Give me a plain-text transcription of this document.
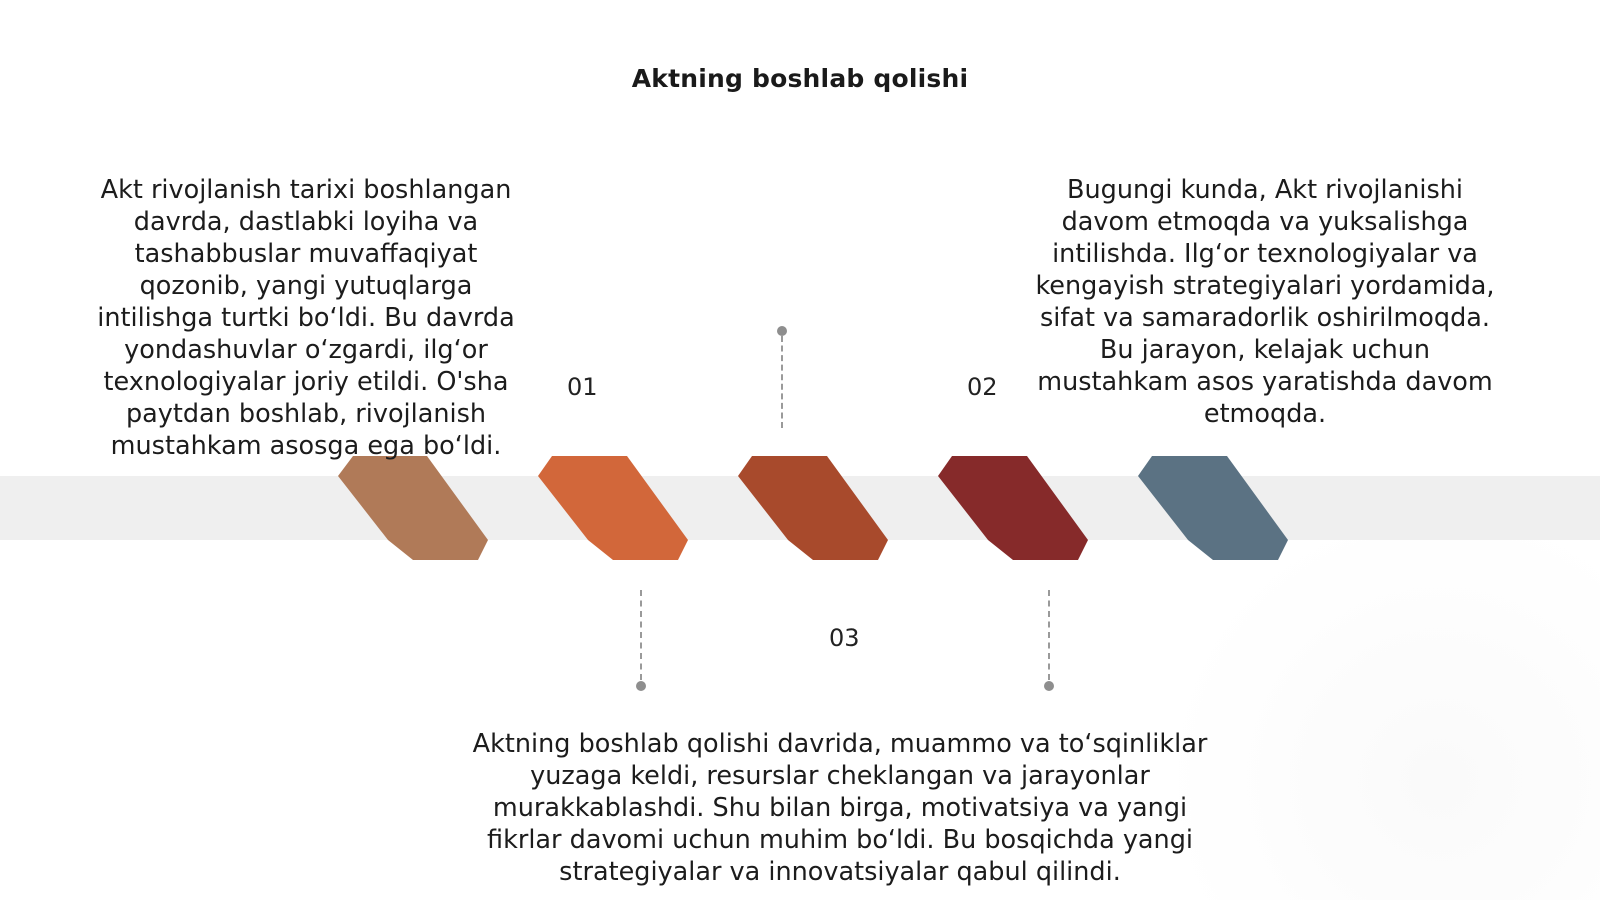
Aktning boshlab qolishi
01	02
03
Akt rivojlanish tarixi boshlangan davrda, dastlabki loyiha va tashabbuslar muvaffaqiyat qozonib, yangi yutuqlarga intilishga turtki bo‘ldi. Bu davrda yondashuvlar o‘zgardi, ilg‘or texnologiyalar joriy etildi. O'sha paytdan boshlab, rivojlanish mustahkam asosga ega bo‘ldi.
Bugungi kunda, Akt rivojlanishi davom etmoqda va yuksalishga intilishda. Ilg‘or texnologiyalar va kengayish strategiyalari yordamida, sifat va samaradorlik oshirilmoqda. Bu jarayon, kelajak uchun mustahkam asos yaratishda davom etmoqda.
Aktning boshlab qolishi davrida, muammo va to‘sqinliklar yuzaga keldi, resurslar cheklangan va jarayonlar murakkablashdi. Shu bilan birga, motivatsiya va yangi fikrlar davomi uchun muhim bo‘ldi. Bu bosqichda yangi strategiyalar va innovatsiyalar qabul qilindi.
